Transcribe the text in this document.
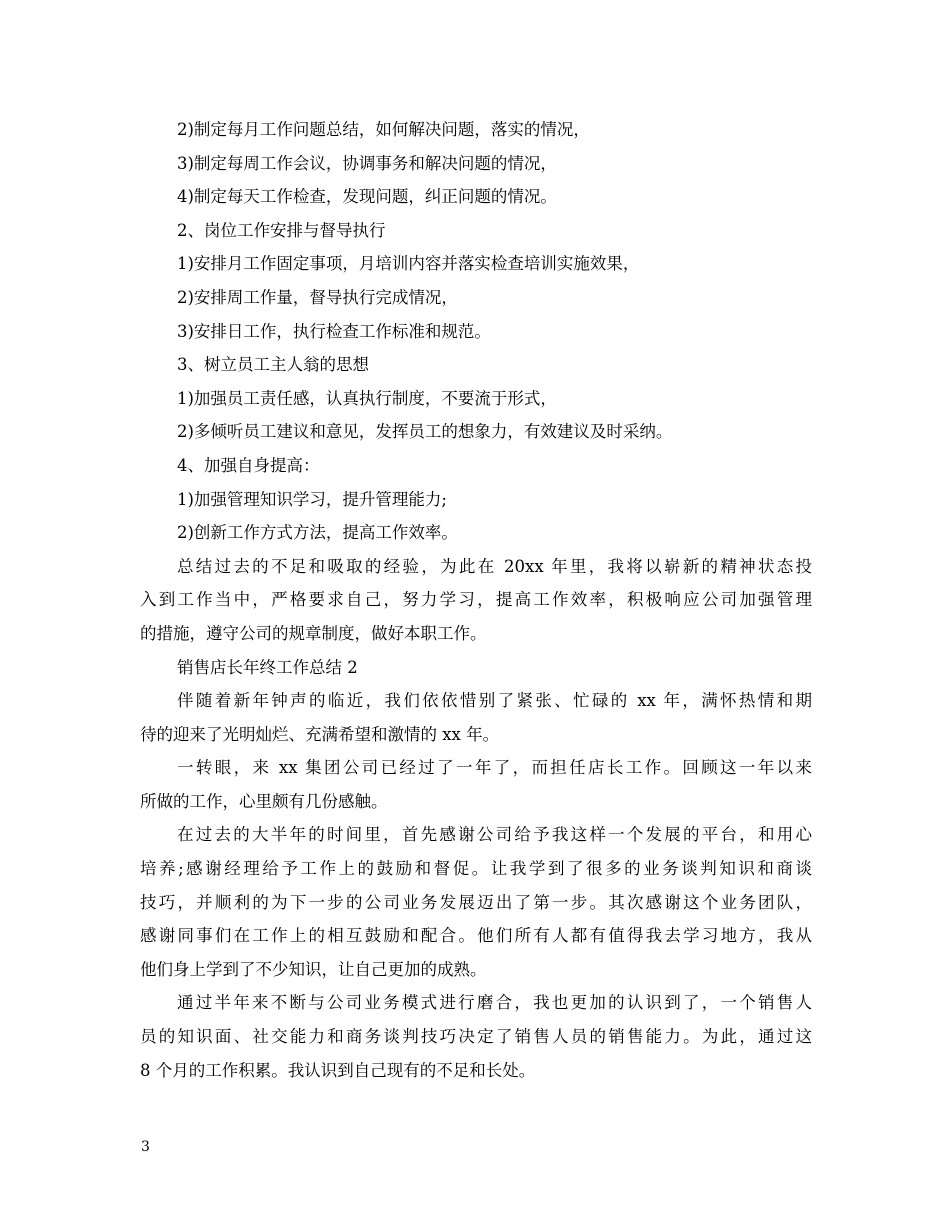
2)制定每月工作问题总结，如何解决问题，落实的情况，
3)制定每周工作会议，协调事务和解决问题的情况，
4)制定每天工作检查，发现问题，纠正问题的情况。
2、岗位工作安排与督导执行
1)安排月工作固定事项，月培训内容并落实检查培训实施效果，
2)安排周工作量，督导执行完成情况，
3)安排日工作，执行检查工作标准和规范。
3、树立员工主人翁的思想
1)加强员工责任感，认真执行制度，不要流于形式，
2)多倾听员工建议和意见，发挥员工的想象力，有效建议及时采纳。
4、加强自身提高：
1)加强管理知识学习，提升管理能力;
2)创新工作方式方法，提高工作效率。
总结过去的不足和吸取的经验，为此在 20xx 年里，我将以崭新的精神状态投
入到工作当中，严格要求自己，努力学习，提高工作效率，积极响应公司加强管理
的措施，遵守公司的规章制度，做好本职工作。
销售店长年终工作总结 2
伴随着新年钟声的临近，我们依依惜别了紧张、忙碌的 xx 年，满怀热情和期
待的迎来了光明灿烂、充满希望和激情的 xx 年。
一转眼，来 xx 集团公司已经过了一年了，而担任店长工作。回顾这一年以来
所做的工作，心里颇有几份感触。
在过去的大半年的时间里，首先感谢公司给予我这样一个发展的平台，和用心
培养;感谢经理给予工作上的鼓励和督促。让我学到了很多的业务谈判知识和商谈
技巧，并顺利的为下一步的公司业务发展迈出了第一步。其次感谢这个业务团队，
感谢同事们在工作上的相互鼓励和配合。他们所有人都有值得我去学习地方，我从
他们身上学到了不少知识，让自己更加的成熟。
通过半年来不断与公司业务模式进行磨合，我也更加的认识到了，一个销售人
员的知识面、社交能力和商务谈判技巧决定了销售人员的销售能力。为此，通过这
8 个月的工作积累。我认识到自己现有的不足和长处。
3
